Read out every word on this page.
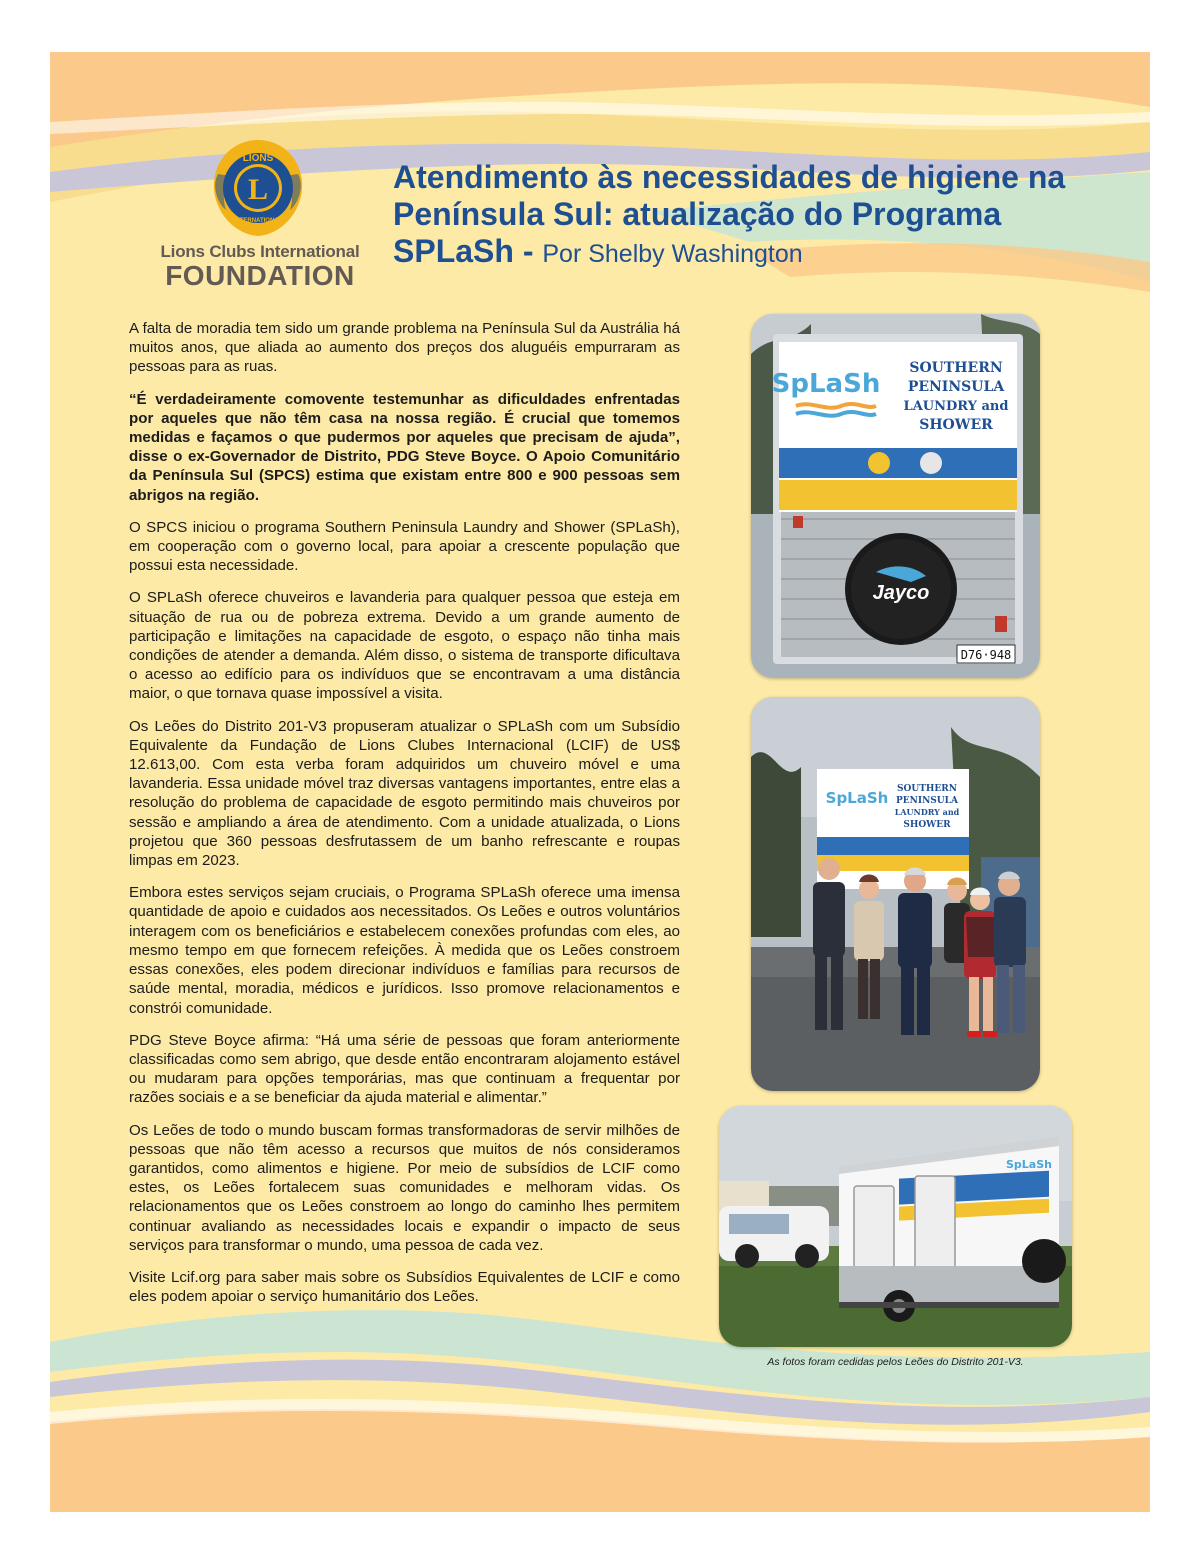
L
LIONS
INTERNATIONAL
Lions Clubs International
FOUNDATION
Atendimento às necessidades de higiene na Península Sul: atualização do Programa SPLaSh - Por Shelby Washington

A falta de moradia tem sido um grande problema na Península Sul da Austrália há muitos anos, que aliada ao aumento dos preços dos aluguéis empurraram as pessoas para as ruas.

“É verdadeiramente comovente testemunhar as dificuldades enfrentadas por aqueles que não têm casa na nossa região. É crucial que tomemos medidas e façamos o que pudermos por aqueles que precisam de ajuda”, disse o ex-Governador de Distrito, PDG Steve Boyce. O Apoio Comunitário da Península Sul (SPCS) estima que existam entre 800 e 900 pessoas sem abrigos na região.

O SPCS iniciou o programa Southern Peninsula Laundry and Shower (SPLaSh), em cooperação com o governo local, para apoiar a crescente população que possui esta necessidade.

O SPLaSh oferece chuveiros e lavanderia para qualquer pessoa que esteja em situação de rua ou de pobreza extrema. Devido a um grande aumento de participação e limitações na capacidade de esgoto, o espaço não tinha mais condições de atender a demanda. Além disso, o sistema de transporte dificultava o acesso ao edifício para os indivíduos que se encontravam a uma distância maior, o que tornava quase impossível a visita.

Os Leões do Distrito 201-V3 propuseram atualizar o SPLaSh com um Subsídio Equivalente da Fundação de Lions Clubes Internacional (LCIF) de US$ 12.613,00. Com esta verba foram adquiridos um chuveiro móvel e uma lavanderia. Essa unidade móvel traz diversas vantagens importantes, entre elas a resolução do problema de capacidade de esgoto permitindo mais chuveiros por sessão e ampliando a área de atendimento. Com a unidade atualizada, o Lions projetou que 360 pessoas desfrutassem de um banho refrescante e roupas limpas em 2023.

Embora estes serviços sejam cruciais, o Programa SPLaSh oferece uma imensa quantidade de apoio e cuidados aos necessitados. Os Leões e outros voluntários interagem com os beneficiários e estabelecem conexões profundas com eles, ao mesmo tempo em que fornecem refeições. À medida que os Leões constroem essas conexões, eles podem direcionar indivíduos e famílias para recursos de saúde mental, moradia, médicos e jurídicos. Isso promove relacionamentos e constrói comunidade.

PDG Steve Boyce afirma: “Há uma série de pessoas que foram anteriormente classificadas como sem abrigo, que desde então encontraram alojamento estável ou mudaram para opções temporárias, mas que continuam a frequentar por razões sociais e a se beneficiar da ajuda material e alimentar.”

Os Leões de todo o mundo buscam formas transformadoras de servir milhões de pessoas que não têm acesso a recursos que muitos de nós consideramos garantidos, como alimentos e higiene. Por meio de subsídios de LCIF como estes, os Leões fortalecem suas comunidades e melhoram vidas. Os relacionamentos que os Leões constroem ao longo do caminho lhes permitem continuar avaliando as necessidades locais e expandir o impacto de seus serviços para transformar o mundo, uma pessoa de cada vez.

Visite Lcif.org para saber mais sobre os Subsídios Equivalentes de LCIF e como eles podem apoiar o serviço humanitário dos Leões.

SpLaSh
SOUTHERN
PENINSULA
LAUNDRY and
SHOWER
Jayco
D76·948
SpLaSh SOUTHERN
PENINSULA
LAUNDRY and
SHOWER
SpLaSh
As fotos foram cedidas pelos Leões do Distrito 201-V3.
